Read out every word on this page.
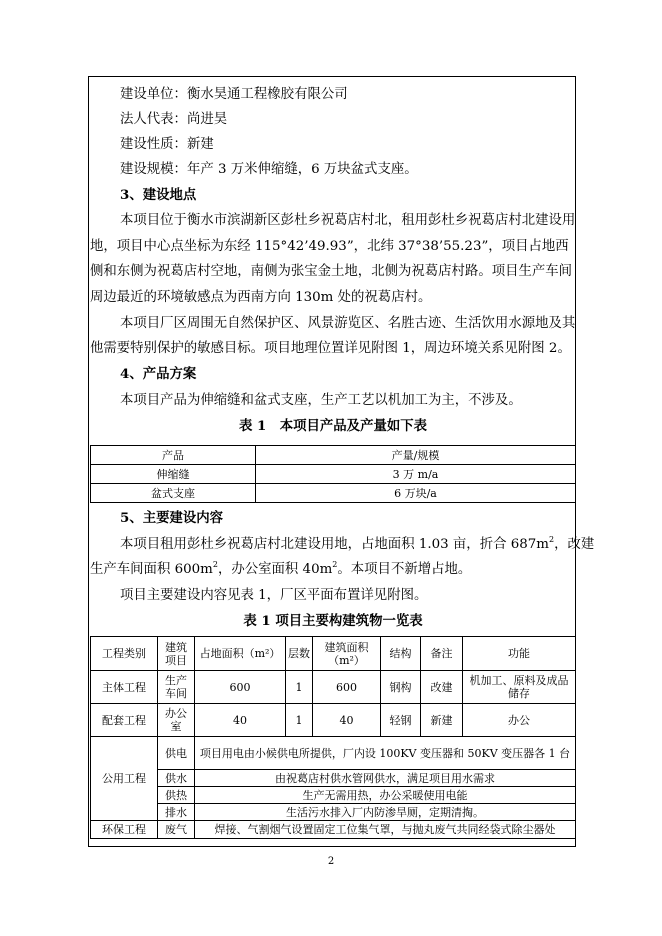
建设单位：衡水昊通工程橡胶有限公司
法人代表：尚进昊
建设性质：新建
建设规模：年产 3 万米伸缩缝，6 万块盆式支座。
3、建设地点
本项目位于衡水市滨湖新区彭杜乡祝葛店村北，租用彭杜乡祝葛店村北建设用
地，项目中心点坐标为东经 115°42’49.93”，北纬 37°38’55.23”，项目占地西
侧和东侧为祝葛店村空地，南侧为张宝金土地，北侧为祝葛店村路。项目生产车间
周边最近的环境敏感点为西南方向 130m 处的祝葛店村。
本项目厂区周围无自然保护区、风景游览区、名胜古迹、生活饮用水源地及其
他需要特别保护的敏感目标。项目地理位置详见附图 1，周边环境关系见附图 2。
4、产品方案
本项目产品为伸缩缝和盆式支座，生产工艺以机加工为主，不涉及。
表 1　本项目产品及产量如下表
产品	产量/规模
伸缩缝	3 万 m/a
盆式支座	6 万块/a
5、主要建设内容
本项目租用彭杜乡祝葛店村北建设用地，占地面积 1.03 亩，折合 $687m^2$，改建
生产车间面积 $600m^2$，办公室面积 $40m^2$。本项目不新增占地。
项目主要建设内容见表 1，厂区平面布置详见附图。
表 1 项目主要构建筑物一览表
工程类别	建筑项目	占地面积（m²）	层数	建筑面积（m²）	结构	备注	功能
主体工程	生产车间	600	1	600	钢构	改建	机加工、原料及成品储存
配套工程	办公室	40	1	40	轻钢	新建	办公
公用工程	供电	项目用电由小候供电所提供，厂内设 100KV 变压器和 50KV 变压器各 1 台					
	供水	由祝葛店村供水管网供水，满足项目用水需求					
	供热	生产无需用热，办公采暖使用电能					
	排水	生活污水排入厂内防渗旱厕，定期清掏。					
环保工程	废气	焊接、气割烟气设置固定工位集气罩，与抛丸废气共同经袋式除尘器处					
2
